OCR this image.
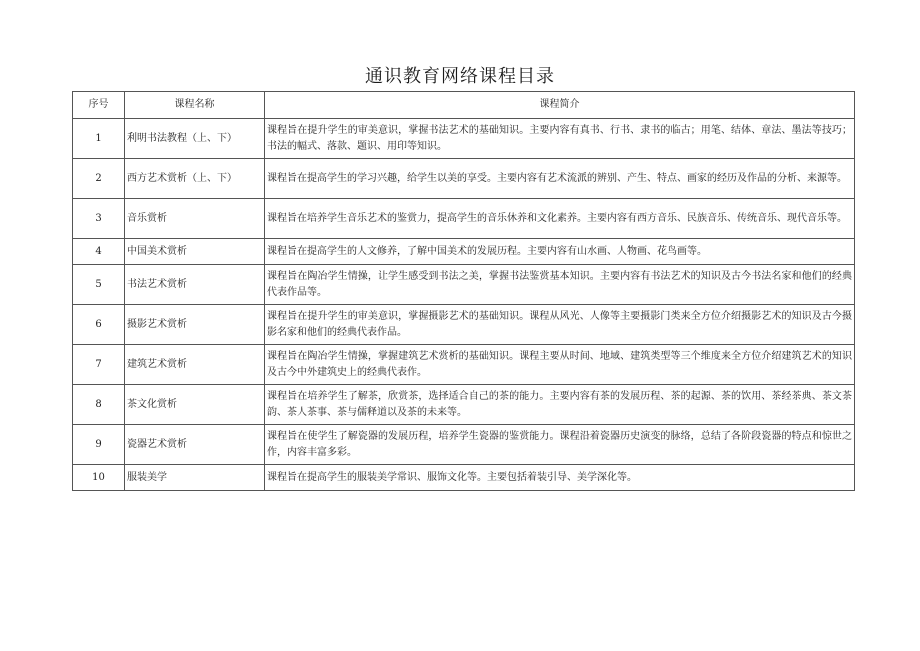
通识教育网络课程目录
序号	课程名称	课程简介
1	利明书法教程（上、下）	课程旨在提升学生的审美意识，掌握书法艺术的基础知识。主要内容有真书、行书、隶书的临古；用笔、结体、章法、墨法等技巧；书法的幅式、落款、题识、用印等知识。
2	西方艺术赏析（上、下）	课程旨在提高学生的学习兴趣，给学生以美的享受。主要内容有艺术流派的辨别、产生、特点、画家的经历及作品的分析、来源等。
3	音乐赏析	课程旨在培养学生音乐艺术的鉴赏力，提高学生的音乐休养和文化素养。主要内容有西方音乐、民族音乐、传统音乐、现代音乐等。
4	中国美术赏析	课程旨在提高学生的人文修养，了解中国美术的发展历程。主要内容有山水画、人物画、花鸟画等。
5	书法艺术赏析	课程旨在陶冶学生情操，让学生感受到书法之美，掌握书法鉴赏基本知识。主要内容有书法艺术的知识及古今书法名家和他们的经典代表作品等。
6	摄影艺术赏析	课程旨在提升学生的审美意识，掌握摄影艺术的基础知识。课程从风光、人像等主要摄影门类来全方位介绍摄影艺术的知识及古今摄影名家和他们的经典代表作品。
7	建筑艺术赏析	课程旨在陶冶学生情操，掌握建筑艺术赏析的基础知识。课程主要从时间、地域、建筑类型等三个维度来全方位介绍建筑艺术的知识及古今中外建筑史上的经典代表作。
8	茶文化赏析	课程旨在培养学生了解茶，欣赏茶，选择适合自己的茶的能力。主要内容有茶的发展历程、茶的起源、茶的饮用、茶经茶典、茶文茶韵、茶人茶事、茶与儒释道以及茶的未来等。
9	瓷器艺术赏析	课程旨在使学生了解瓷器的发展历程，培养学生瓷器的鉴赏能力。课程沿着瓷器历史演变的脉络，总结了各阶段瓷器的特点和惊世之作，内容丰富多彩。
10	服装美学	课程旨在提高学生的服装美学常识、服饰文化等。主要包括着装引导、美学深化等。
